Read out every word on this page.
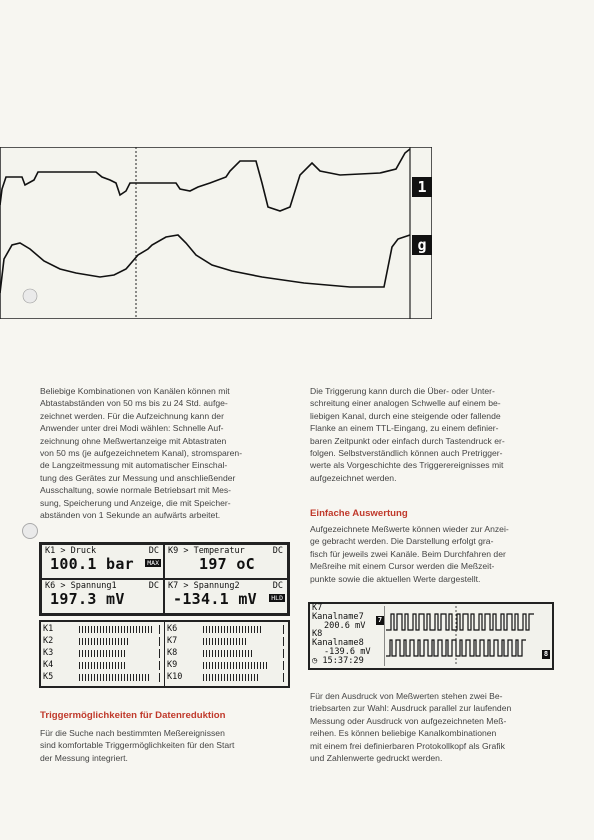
1
g
Beliebige Kombinationen von Kanälen können mit
Abtastabständen von 50 ms bis zu 24 Std. aufge-
zeichnet werden. Für die Aufzeichnung kann der
Anwender unter drei Modi wählen: Schnelle Auf-
zeichnung ohne Meßwertanzeige mit Abtastraten
von 50 ms (je aufgezeichnetem Kanal), stromsparen-
de Langzeitmessung mit automatischer Einschal-
tung des Gerätes zur Messung und anschließender
Ausschaltung, sowie normale Betriebsart mit Mes-
sung, Speicherung und Anzeige, die mit Speicher-
abständen von 1 Sekunde an aufwärts arbeitet.
K1 > Druck	DC
100.1 bar	MAX
K9 > Temperatur	DC
197 oC
K6 > Spannung1	DC
197.3 mV
K7 > Spannung2	DC
-134.1 mV	HLD
K1
K2
K3
K4
K5
K6
K7
K8
K9
K10
Triggermöglichkeiten für Datenreduktion
Für die Suche nach bestimmten Meßereignissen
sind komfortable Triggermöglichkeiten für den Start
der Messung integriert.
Die Triggerung kann durch die Über- oder Unter-
schreitung einer analogen Schwelle auf einem be-
liebigen Kanal, durch eine steigende oder fallende
Flanke an einem TTL-Eingang, zu einem definier-
baren Zeitpunkt oder einfach durch Tastendruck er-
folgen. Selbstverständlich können auch Pretrigger-
werte als Vorgeschichte des Triggerereignisses mit
aufgezeichnet werden.
Einfache Auswertung
Aufgezeichnete Meßwerte können wieder zur Anzei-
ge gebracht werden. Die Darstellung erfolgt gra-
fisch für jeweils zwei Kanäle. Beim Durchfahren der
Meßreihe mit einem Cursor werden die Meßzeit-
punkte sowie die aktuellen Werte dargestellt.
K7
Kanalname7
200.6 mV
K8
Kanalname8
-139.6 mV
◷ 15:37:29
7
8
Für den Ausdruck von Meßwerten stehen zwei Be-
triebsarten zur Wahl: Ausdruck parallel zur laufenden
Messung oder Ausdruck von aufgezeichneten Meß-
reihen. Es können beliebige Kanalkombinationen
mit einem frei definierbaren Protokollkopf als Grafik
und Zahlenwerte gedruckt werden.
